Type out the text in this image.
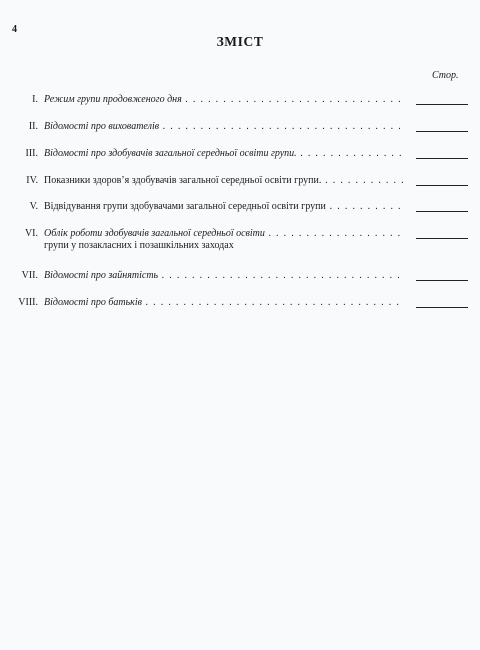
4
ЗМІСТ
Стор.
I. Режим групи продовженого дня . . .
II. Відомості про вихователів . . .
III. Відомості про здобувачів загальної середньої освіти групи. . . .
IV. Показники здоров’я здобувачів загальної середньої освіти групи. . . .
V. Відвідування групи здобувачами загальної середньої освіти групи . . .
VI. Облік роботи здобувачів загальної середньої освіти . . .
групи у позакласних і позашкільних заходах
VII. Відомості про зайнятість . . .
VIII. Відомості про батьків . . .
